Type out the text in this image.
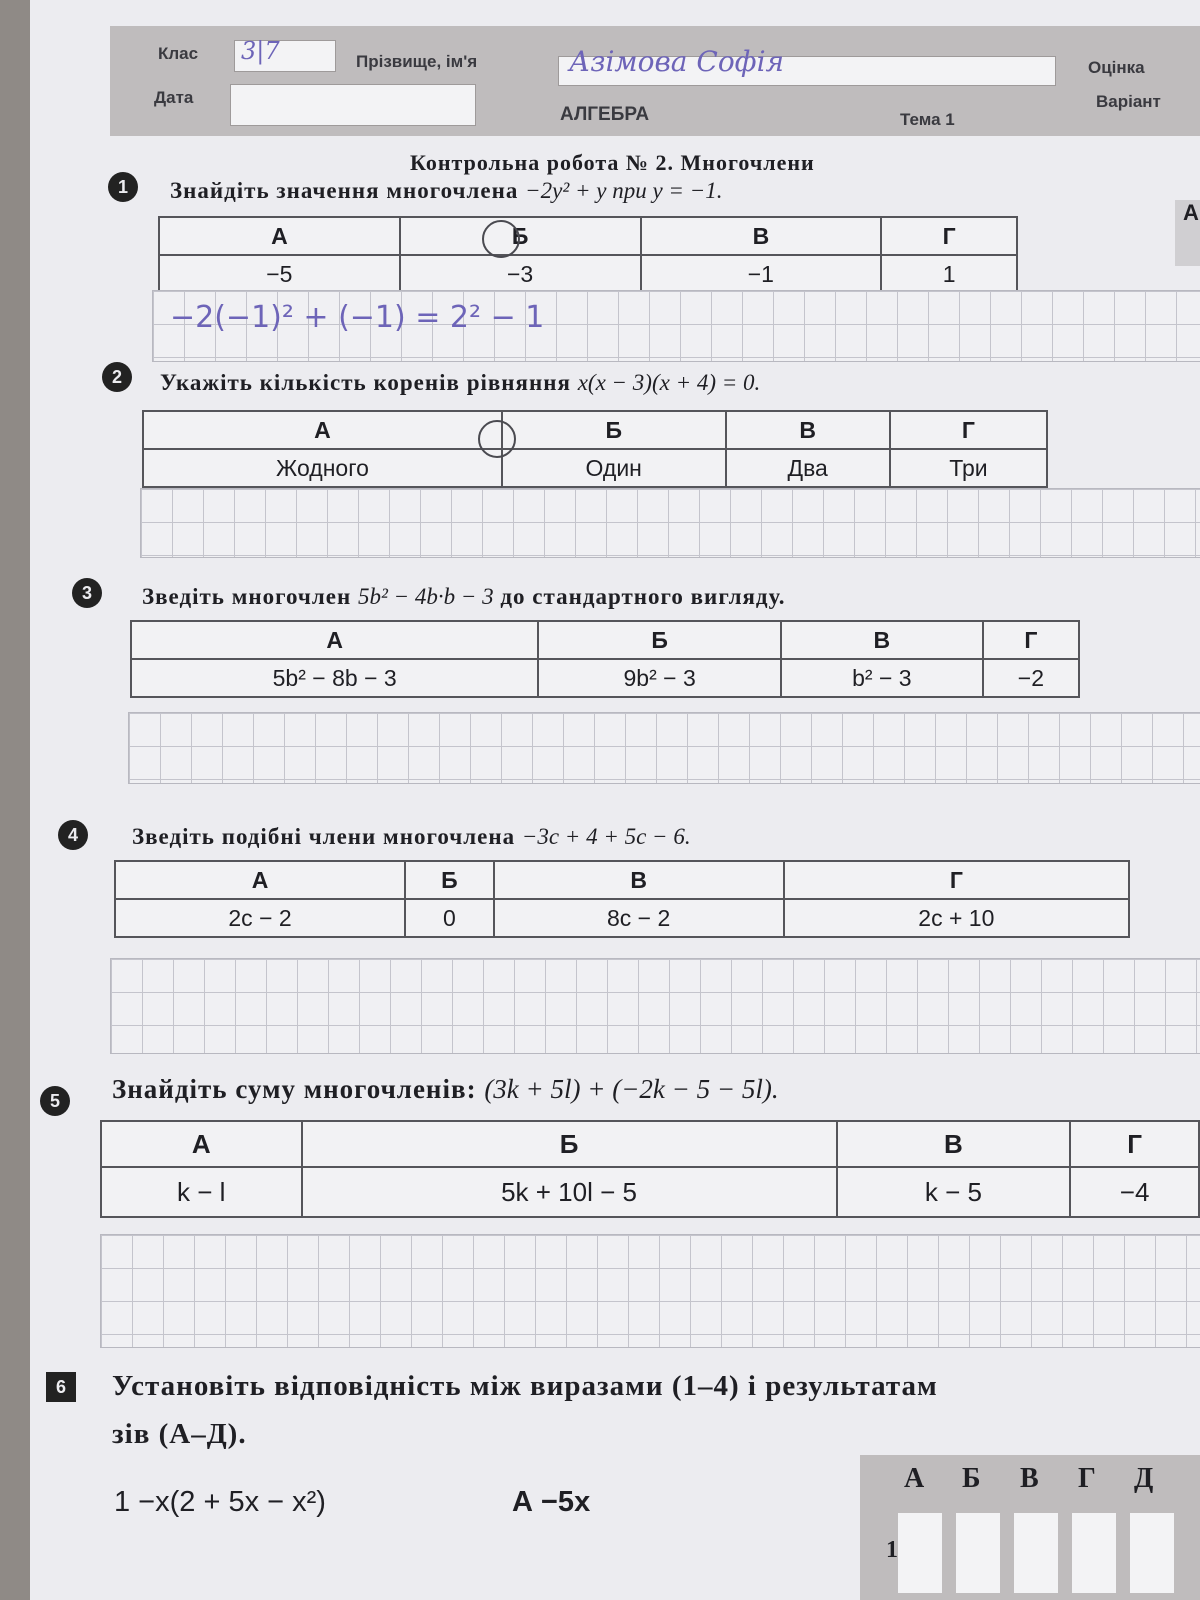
Клас 3|7	Прізвище, ім'я	Азімова Софія	Оцінка
Дата
АЛГЕБРА	Тема 1
Варіант
Контрольна робота № 2. Многочлени
А
1	Знайдіть значення многочлена −2y² + y при y = −1.
А	Б	В	Г
−5	−3	−1	1
−2(−1)² + (−1) = 2² − 1
2	Укажіть кількість коренів рівняння x(x − 3)(x + 4) = 0.
А	Б	В	Г
Жодного	Один	Два	Три
3	Зведіть многочлен 5b² − 4b·b − 3 до стандартного вигляду.
А	Б	В	Г
5b² − 8b − 3	9b² − 3	b² − 3	−2
4	Зведіть подібні члени многочлена −3c + 4 + 5c − 6.
А	Б	В	Г
2c − 2	0	8c − 2	2c + 10
5	Знайдіть суму многочленів: (3k + 5l) + (−2k − 5 − 5l).
А	Б	В	Г
k − l	5k + 10l − 5	k − 5	−4
6	Установіть відповідність між виразами (1–4) і результатам
зів (А–Д).
1 −x(2 + 5x − x²)	А −5x
А Б В Г Д
1
